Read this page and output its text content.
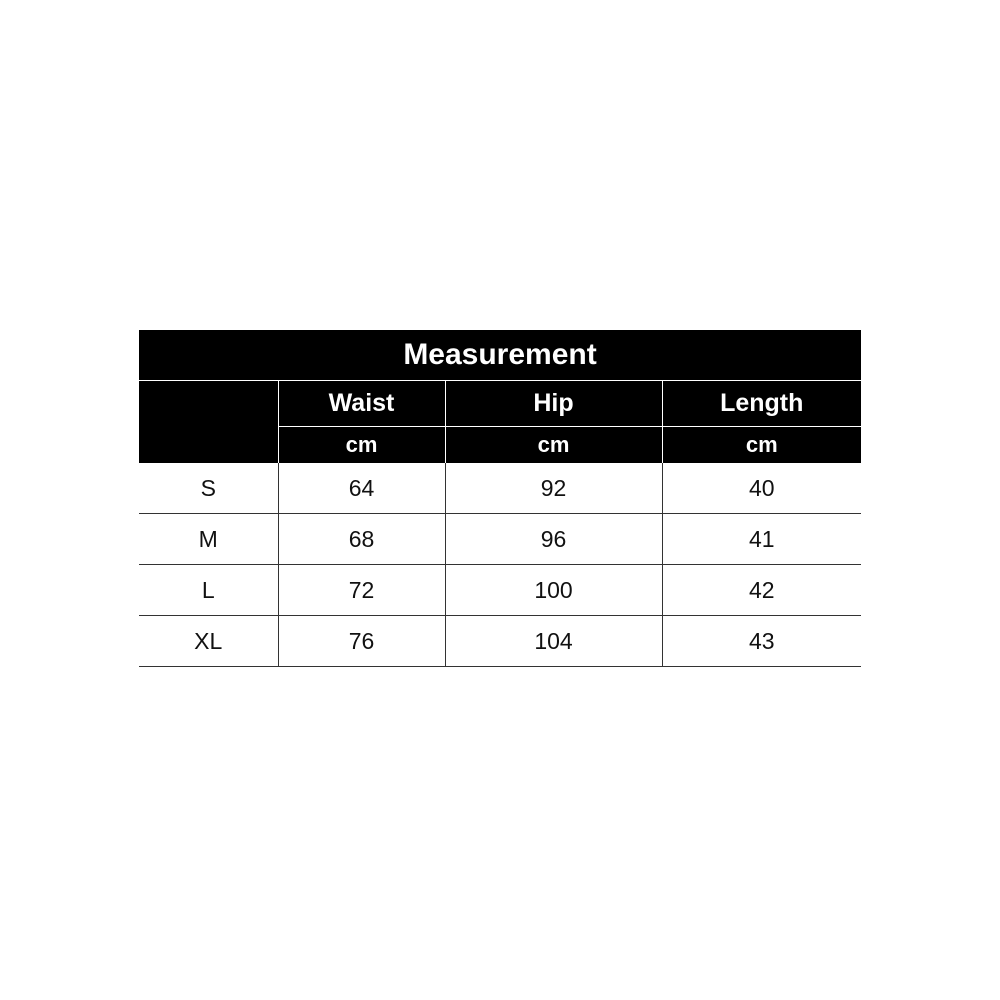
Measurement			
	Waist	Hip	Length
	cm	cm	cm
S	64	92	40
M	68	96	41
L	72	100	42
XL	76	104	43
